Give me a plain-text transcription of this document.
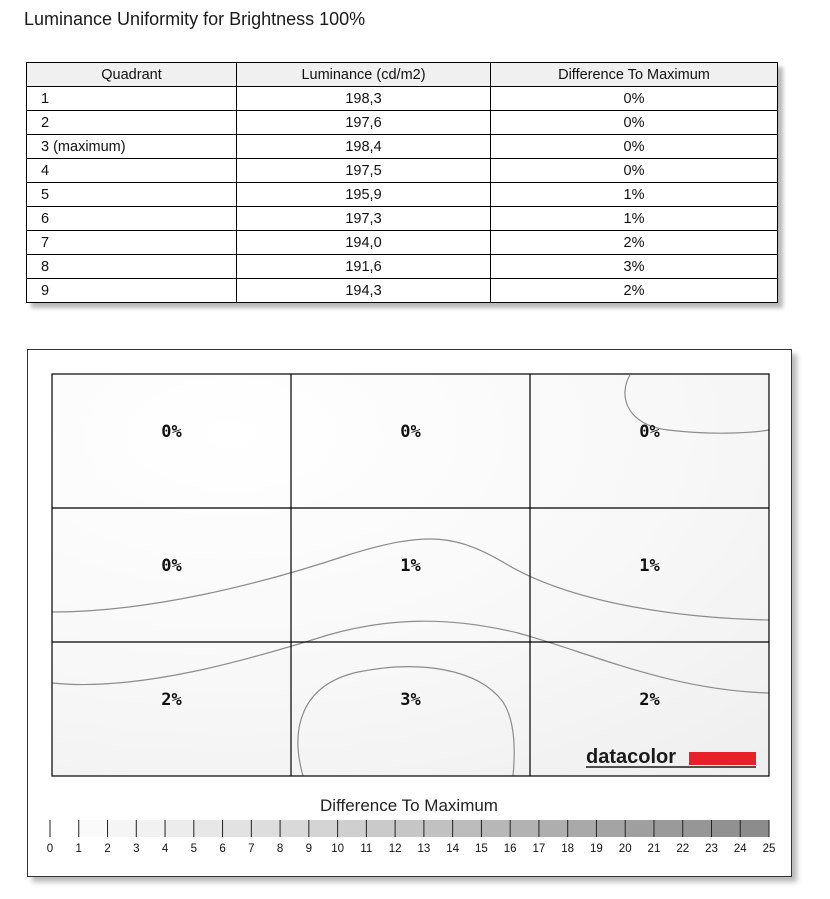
Luminance Uniformity for Brightness 100%
Quadrant	Luminance (cd/m2)	Difference To Maximum
1	198,3	0%
2	197,6	0%
3 (maximum)	198,4	0%
4	197,5	0%
5	195,9	1%
6	197,3	1%
7	194,0	2%
8	191,6	3%
9	194,3	2%
0%	0%	0%
0%	1%	1%
2%	3%	2%
datacolor
Difference To Maximum
0 1 2 3 4 5 6 7 8 9 10 11 12 13 14 15 16 17 18 19 20 21 22 23 24 25
